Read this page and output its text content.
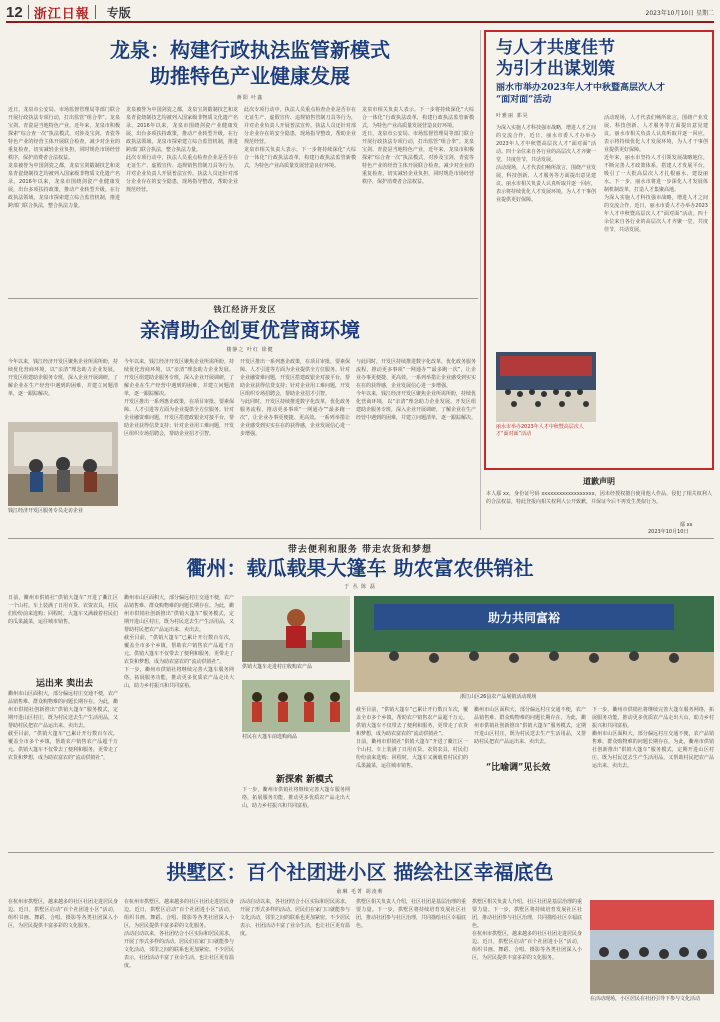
12 浙江日報 专版	2023年10月10日 星期二
龙泉：构建行政执法监管新模式
助推特色产业健康发展
蒋阳 叶鑫

近日，龙泉市公安局、市场监督管理局等部门联合开展行政执法专项行动，打出监管“组合拳”。龙泉宝剑、青瓷是当地特色产业，近年来，龙泉市积极探索“综合查一次”执法模式，对涉及宝剑、青瓷等特色产业的经营主体开展联合检查，减少对企业的重复检查，切实减轻企业负担，同时规范市场经营秩序，保护消费者合法权益。

龙泉被誉为中国剑瓷之都，龙泉宝剑锻制技艺和龙泉青瓷烧制技艺均被列入国家级非物质文化遗产名录。2016年以来，龙泉市围绕剑瓷产业健康发展，出台多项扶持政策，推动产业转型升级。在行政执法领域，龙泉市探索建立综合监管机制，推进跨部门联合执法，整合执法力量。

龙泉被誉为中国剑瓷之都，龙泉宝剑锻制技艺和龙泉青瓷烧制技艺均被列入国家级非物质文化遗产名录。2016年以来，龙泉市围绕剑瓷产业健康发展，出台多项扶持政策，推动产业转型升级。在行政执法领域，龙泉市探索建立综合监管机制，推进跨部门联合执法，整合执法力量。

此次专项行动中，执法人员重点检查企业是否存在无证生产、虚假宣传、违规销售管制刀具等行为，并对企业负责人开展普法宣传。执法人员还针对部分企业存在的安全隐患，现场指导整改，帮助企业规范经营。

此次专项行动中，执法人员重点检查企业是否存在无证生产、虚假宣传、违规销售管制刀具等行为，并对企业负责人开展普法宣传。执法人员还针对部分企业存在的安全隐患，现场指导整改，帮助企业规范经营。

龙泉市相关负责人表示，下一步将持续深化“大综合一体化”行政执法改革，构建行政执法监管新模式，为特色产业高质量发展营造良好环境。

龙泉市相关负责人表示，下一步将持续深化“大综合一体化”行政执法改革，构建行政执法监管新模式，为特色产业高质量发展营造良好环境。

近日，龙泉市公安局、市场监督管理局等部门联合开展行政执法专项行动，打出监管“组合拳”。龙泉宝剑、青瓷是当地特色产业，近年来，龙泉市积极探索“综合查一次”执法模式，对涉及宝剑、青瓷等特色产业的经营主体开展联合检查，减少对企业的重复检查，切实减轻企业负担，同时规范市场经营秩序，保护消费者合法权益。

钱江经济开发区
亲清助企创更优营商环境
楼静之 叶红 徐健

今年以来，钱江经济开发区聚焦企业所需所盼，持续优化营商环境，以“亲清”理念助力企业发展。开发区组建助企服务专班，深入企业开展调研，了解企业在生产经营中遇到的困难，并建立问题清单，逐一跟踪解决。

钱江经济开发区服务专员走访企业

今年以来，钱江经济开发区聚焦企业所需所盼，持续优化营商环境，以“亲清”理念助力企业发展。开发区组建助企服务专班，深入企业开展调研，了解企业在生产经营中遇到的困难，并建立问题清单，逐一跟踪解决。

开发区推出一系列惠企政策，在项目审批、要素保障、人才引进等方面为企业提供全方位服务。针对企业融资难问题，开发区搭建政银企对接平台，帮助企业获得信贷支持；针对企业用工难问题，开发区组织专场招聘会，帮助企业招才引智。

开发区推出一系列惠企政策，在项目审批、要素保障、人才引进等方面为企业提供全方位服务。针对企业融资难问题，开发区搭建政银企对接平台，帮助企业获得信贷支持；针对企业用工难问题，开发区组织专场招聘会，帮助企业招才引智。

与此同时，开发区持续推进数字化改革，优化政务服务流程，推动更多事项“一网通办”“最多跑一次”，让企业办事更便捷、更高效。一系列举措让企业感受到实实在在的获得感，企业发展信心进一步增强。

与此同时，开发区持续推进数字化改革，优化政务服务流程，推动更多事项“一网通办”“最多跑一次”，让企业办事更便捷、更高效。一系列举措让企业感受到实实在在的获得感，企业发展信心进一步增强。

今年以来，钱江经济开发区聚焦企业所需所盼，持续优化营商环境，以“亲清”理念助力企业发展。开发区组建助企服务专班，深入企业开展调研，了解企业在生产经营中遇到的困难，并建立问题清单，逐一跟踪解决。

与人才共度佳节
为引才出谋划策
丽水市举办2023年人才中秋暨高层次人才
“面对面”活动
叶雅丽 郭昊

为深入实施人才科技强市战略，增进人才之间的交流合作，近日，丽水市委人才办举办2023年人才中秋暨高层次人才“面对面”活动。四十余位来自各行业的高层次人才齐聚一堂，共度佳节，共话发展。

活动现场，人才代表们畅所欲言，围绕产业发展、科技创新、人才服务等方面提出意见建议。丽水市相关负责人认真听取并逐一回应，表示将持续优化人才发展环境，为人才干事创业提供更好保障。

活动现场，人才代表们畅所欲言，围绕产业发展、科技创新、人才服务等方面提出意见建议。丽水市相关负责人认真听取并逐一回应，表示将持续优化人才发展环境，为人才干事创业提供更好保障。

近年来，丽水市坚持人才引领发展战略地位，不断完善人才政策体系，搭建人才发展平台，吸引了一大批高层次人才扎根丽水、建设丽水。下一步，丽水市将进一步深化人才发展体制机制改革，打造人才集聚高地。

为深入实施人才科技强市战略，增进人才之间的交流合作，近日，丽水市委人才办举办2023年人才中秋暨高层次人才“面对面”活动。四十余位来自各行业的高层次人才齐聚一堂，共度佳节，共话发展。

丽水市举办2023年人才中秋暨高层次人才“面对面”活动
道歉声明
本人鄢 xx，身份证号码 xxxxxxxxxxxxxxxxxx，因未经授权擅自使用他人作品，侵犯了相关权利人的合法权益，特此登报向相关权利人公开致歉，并保证今后不再发生类似行为。
鄢 xx
2023年10月10日
带去便利和服务 带走农货和梦想
衢州：载瓜载果大篷车 助农富农供销社
于 丛 陈 磊

日前，衢州市供销社“供销大篷车”开进了衢江区一个山村。车上装满了日用百货、农资农具，村民们纷纷前来选购；回程时，大篷车又满载着村民们的瓜果蔬菜，运往城市销售。

运出来 卖出去

衢州市山区面积大，部分偏远村庄交通不便，农产品销售难、群众购物难的问题长期存在。为此，衢州市供销社创新推出“供销大篷车”服务模式，定期开进山区村庄，既为村民送去生产生活用品，又帮助村民把农产品运出来、卖出去。

截至目前，“供销大篷车”已累计开行数百车次，覆盖全市多个乡镇，帮助农户销售农产品超千万元。供销大篷车不仅带去了便利和服务，更带走了农货和梦想，成为助农富农的“流动供销社”。

衢州市山区面积大，部分偏远村庄交通不便，农产品销售难、群众购物难的问题长期存在。为此，衢州市供销社创新推出“供销大篷车”服务模式，定期开进山区村庄，既为村民送去生产生活用品，又帮助村民把农产品运出来、卖出去。

截至目前，“供销大篷车”已累计开行数百车次，覆盖全市多个乡镇，帮助农户销售农产品超千万元。供销大篷车不仅带去了便利和服务，更带走了农货和梦想，成为助农富农的“流动供销社”。

下一步，衢州市供销社将继续完善大篷车服务网络，拓展服务功能，推动更多优质农产品走出大山，助力乡村振兴和共同富裕。

供销大篷车走进村庄收购农产品
村民在大篷车前选购商品
助力共同富裕
浙江山区26县农产品展销活动现场
新探索 新模式

下一步，衢州市供销社将继续完善大篷车服务网络，拓展服务功能，推动更多优质农产品走出大山，助力乡村振兴和共同富裕。

截至目前，“供销大篷车”已累计开行数百车次，覆盖全市多个乡镇，帮助农户销售农产品超千万元。供销大篷车不仅带去了便利和服务，更带走了农货和梦想，成为助农富农的“流动供销社”。

日前，衢州市供销社“供销大篷车”开进了衢江区一个山村。车上装满了日用百货、农资农具，村民们纷纷前来选购；回程时，大篷车又满载着村民们的瓜果蔬菜，运往城市销售。	“比喻调”见长效

衢州市山区面积大，部分偏远村庄交通不便，农产品销售难、群众购物难的问题长期存在。为此，衢州市供销社创新推出“供销大篷车”服务模式，定期开进山区村庄，既为村民送去生产生活用品，又帮助村民把农产品运出来、卖出去。

下一步，衢州市供销社将继续完善大篷车服务网络，拓展服务功能，推动更多优质农产品走出大山，助力乡村振兴和共同富裕。

衢州市山区面积大，部分偏远村庄交通不便，农产品销售难、群众购物难的问题长期存在。为此，衢州市供销社创新推出“供销大篷车”服务模式，定期开进山区村庄，既为村民送去生产生活用品，又帮助村民把农产品运出来、卖出去。

拱墅区：百个社团进小区 描绘社区幸福底色
俞琳 毛菁 胡凌莉

在杭州市拱墅区，越来越多的社区社团走进居民身边。近日，拱墅区启动“百个社团进小区”活动，组织书画、舞蹈、合唱、摄影等各类社团深入小区，为居民提供丰富多彩的文化服务。

在杭州市拱墅区，越来越多的社区社团走进居民身边。近日，拱墅区启动“百个社团进小区”活动，组织书画、舞蹈、合唱、摄影等各类社团深入小区，为居民提供丰富多彩的文化服务。

活动启动以来，各社团结合小区实际和居民需求，开展了形式多样的活动。居民们在家门口就能参与文化活动，邻里之间的联系也更加紧密。不少居民表示，社团活动丰富了业余生活，也让社区更有温度。

活动启动以来，各社团结合小区实际和居民需求，开展了形式多样的活动。居民们在家门口就能参与文化活动，邻里之间的联系也更加紧密。不少居民表示，社团活动丰富了业余生活，也让社区更有温度。

拱墅区相关负责人介绍，社区社团是基层治理的重要力量。下一步，拱墅区将持续培育发展社区社团，推动社团参与社区治理，共同描绘社区幸福底色。

拱墅区相关负责人介绍，社区社团是基层治理的重要力量。下一步，拱墅区将持续培育发展社区社团，推动社团参与社区治理，共同描绘社区幸福底色。

在杭州市拱墅区，越来越多的社区社团走进居民身边。近日，拱墅区启动“百个社团进小区”活动，组织书画、舞蹈、合唱、摄影等各类社团深入小区，为居民提供丰富多彩的文化服务。

在活动现场，小区居民在社团引导下参与文化活动
